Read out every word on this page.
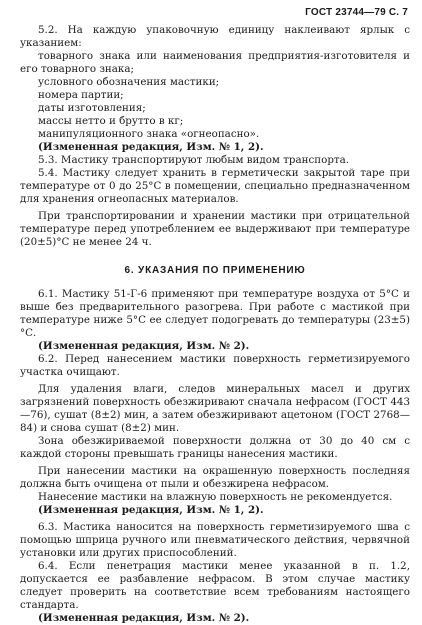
ГОСТ 23744—79 С. 7

5.2. На каждую упаковочную единицу наклеивают ярлык с указанием:

товарного знака или наименования предприятия-изготовителя и его товарного знака;

условного обозначения мастики;

номера партии;

даты изготовления;

массы нетто и брутто в кг;

манипуляционного знака «огнеопасно».

(Измененная редакция, Изм. № 1, 2).

5.3. Мастику транспортируют любым видом транспорта.

5.4. Мастику следует хранить в герметически закрытой таре при температуре от 0 до 25°С в помещении, специально предназначенном для хранения огнеопасных материалов.

При транспортировании и хранении мастики при отрицательной температуре перед употреблением ее выдерживают при температуре (20±5)°С не менее 24 ч.

6. УКАЗАНИЯ ПО ПРИМЕНЕНИЮ

6.1. Мастику 51-Г-6 применяют при температуре воздуха от 5°С и выше без предварительного разогрева. При работе с мастикой при температуре ниже 5°С ее следует подогревать до температуры (23±5)°С.

(Измененная редакция, Изм. № 2).

6.2. Перед нанесением мастики поверхность герметизируемого участка очищают.

Для удаления влаги, следов минеральных масел и других загрязнений поверхность обезжиривают сначала нефрасом (ГОСТ 443—76), сушат (8±2) мин, а затем обезжиривают ацетоном (ГОСТ 2768—84) и снова сушат (8±2) мин.

Зона обезжириваемой поверхности должна от 30 до 40 см с каждой стороны превышать границы нанесения мастики.

При нанесении мастики на окрашенную поверхность последняя должна быть очищена от пыли и обезжирена нефрасом.

Нанесение мастики на влажную поверхность не рекомендуется.

(Измененная редакция, Изм. № 1, 2).

6.3. Мастика наносится на поверхность герметизируемого шва с помощью шприца ручного или пневматического действия, червячной установки или других приспособлений.

6.4. Если пенетрация мастики менее указанной в п. 1.2, допускается ее разбавление нефрасом. В этом случае мастику следует проверить на соответствие всем требованиям настоящего стандарта.

(Измененная редакция, Изм. № 2).
